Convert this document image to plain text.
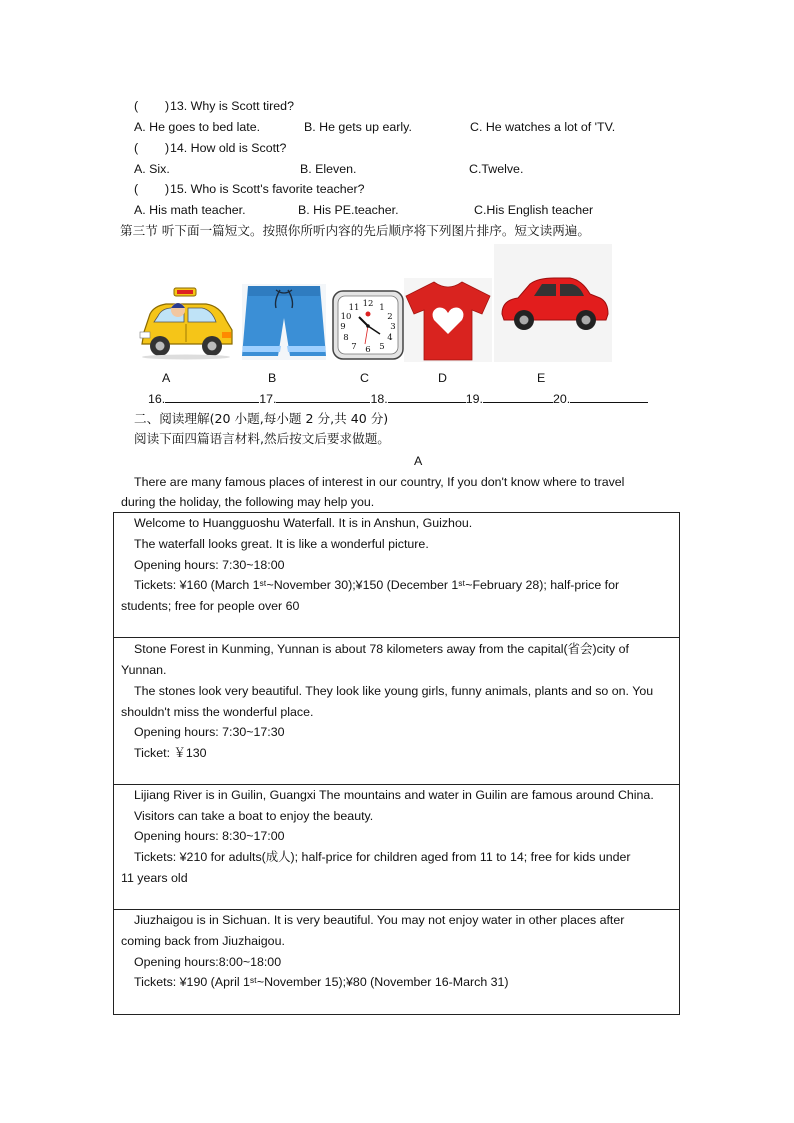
( ) 13. Why is Scott tired?
A. He goes to bed late.	B. He gets up early.	C. He watches a lot of 'TV.
( ) 14. How old is Scott?
A. Six.	B. Eleven.	C.Twelve.
( ) 15. Who is Scott's favorite teacher?
A. His math teacher.	B. His PE.teacher.	C.His English teacher
第三节 听下面一篇短文。按照你所听内容的先后顺序将下列图片排序。短文读两遍。
12 1
2
3
4
5
6
7
8
9
10
11
A	B	C	D	E
16.	17.	18.	19.	20.
二、阅读理解(20 小题,每小题 2 分,共 40 分)
阅读下面四篇语言材料,然后按文后要求做题。
A
There are many famous places of interest in our country, If you don't know where to travel
during the holiday, the following may help you.
Welcome to Huangguoshu Waterfall. It is in Anshun, Guizhou.
The waterfall looks great. It is like a wonderful picture.
Opening hours: 7:30~18:00
Tickets: ¥160 (March 1ˢᵗ~November 30);¥150 (December 1ˢᵗ~February 28); half-price for
students; free for people over 60
Stone Forest in Kunming, Yunnan is about 78 kilometers away from the capital(省会)city of
Yunnan.
The stones look very beautiful. They look like young girls, funny animals, plants and so on. You
shouldn't miss the wonderful place.
Opening hours: 7:30~17:30
Ticket: ￥130
Lijiang River is in Guilin, Guangxi The mountains and water in Guilin are famous around China.
Visitors can take a boat to enjoy the beauty.
Opening hours: 8:30~17:00
Tickets: ¥210 for adults(成人); half-price for children aged from 11 to 14; free for kids under
11 years old
Jiuzhaigou is in Sichuan. It is very beautiful. You may not enjoy water in other places after
coming back from Jiuzhaigou.
Opening hours:8:00~18:00
Tickets: ¥190 (April 1ˢᵗ~November 15);¥80 (November 16-March 31)
